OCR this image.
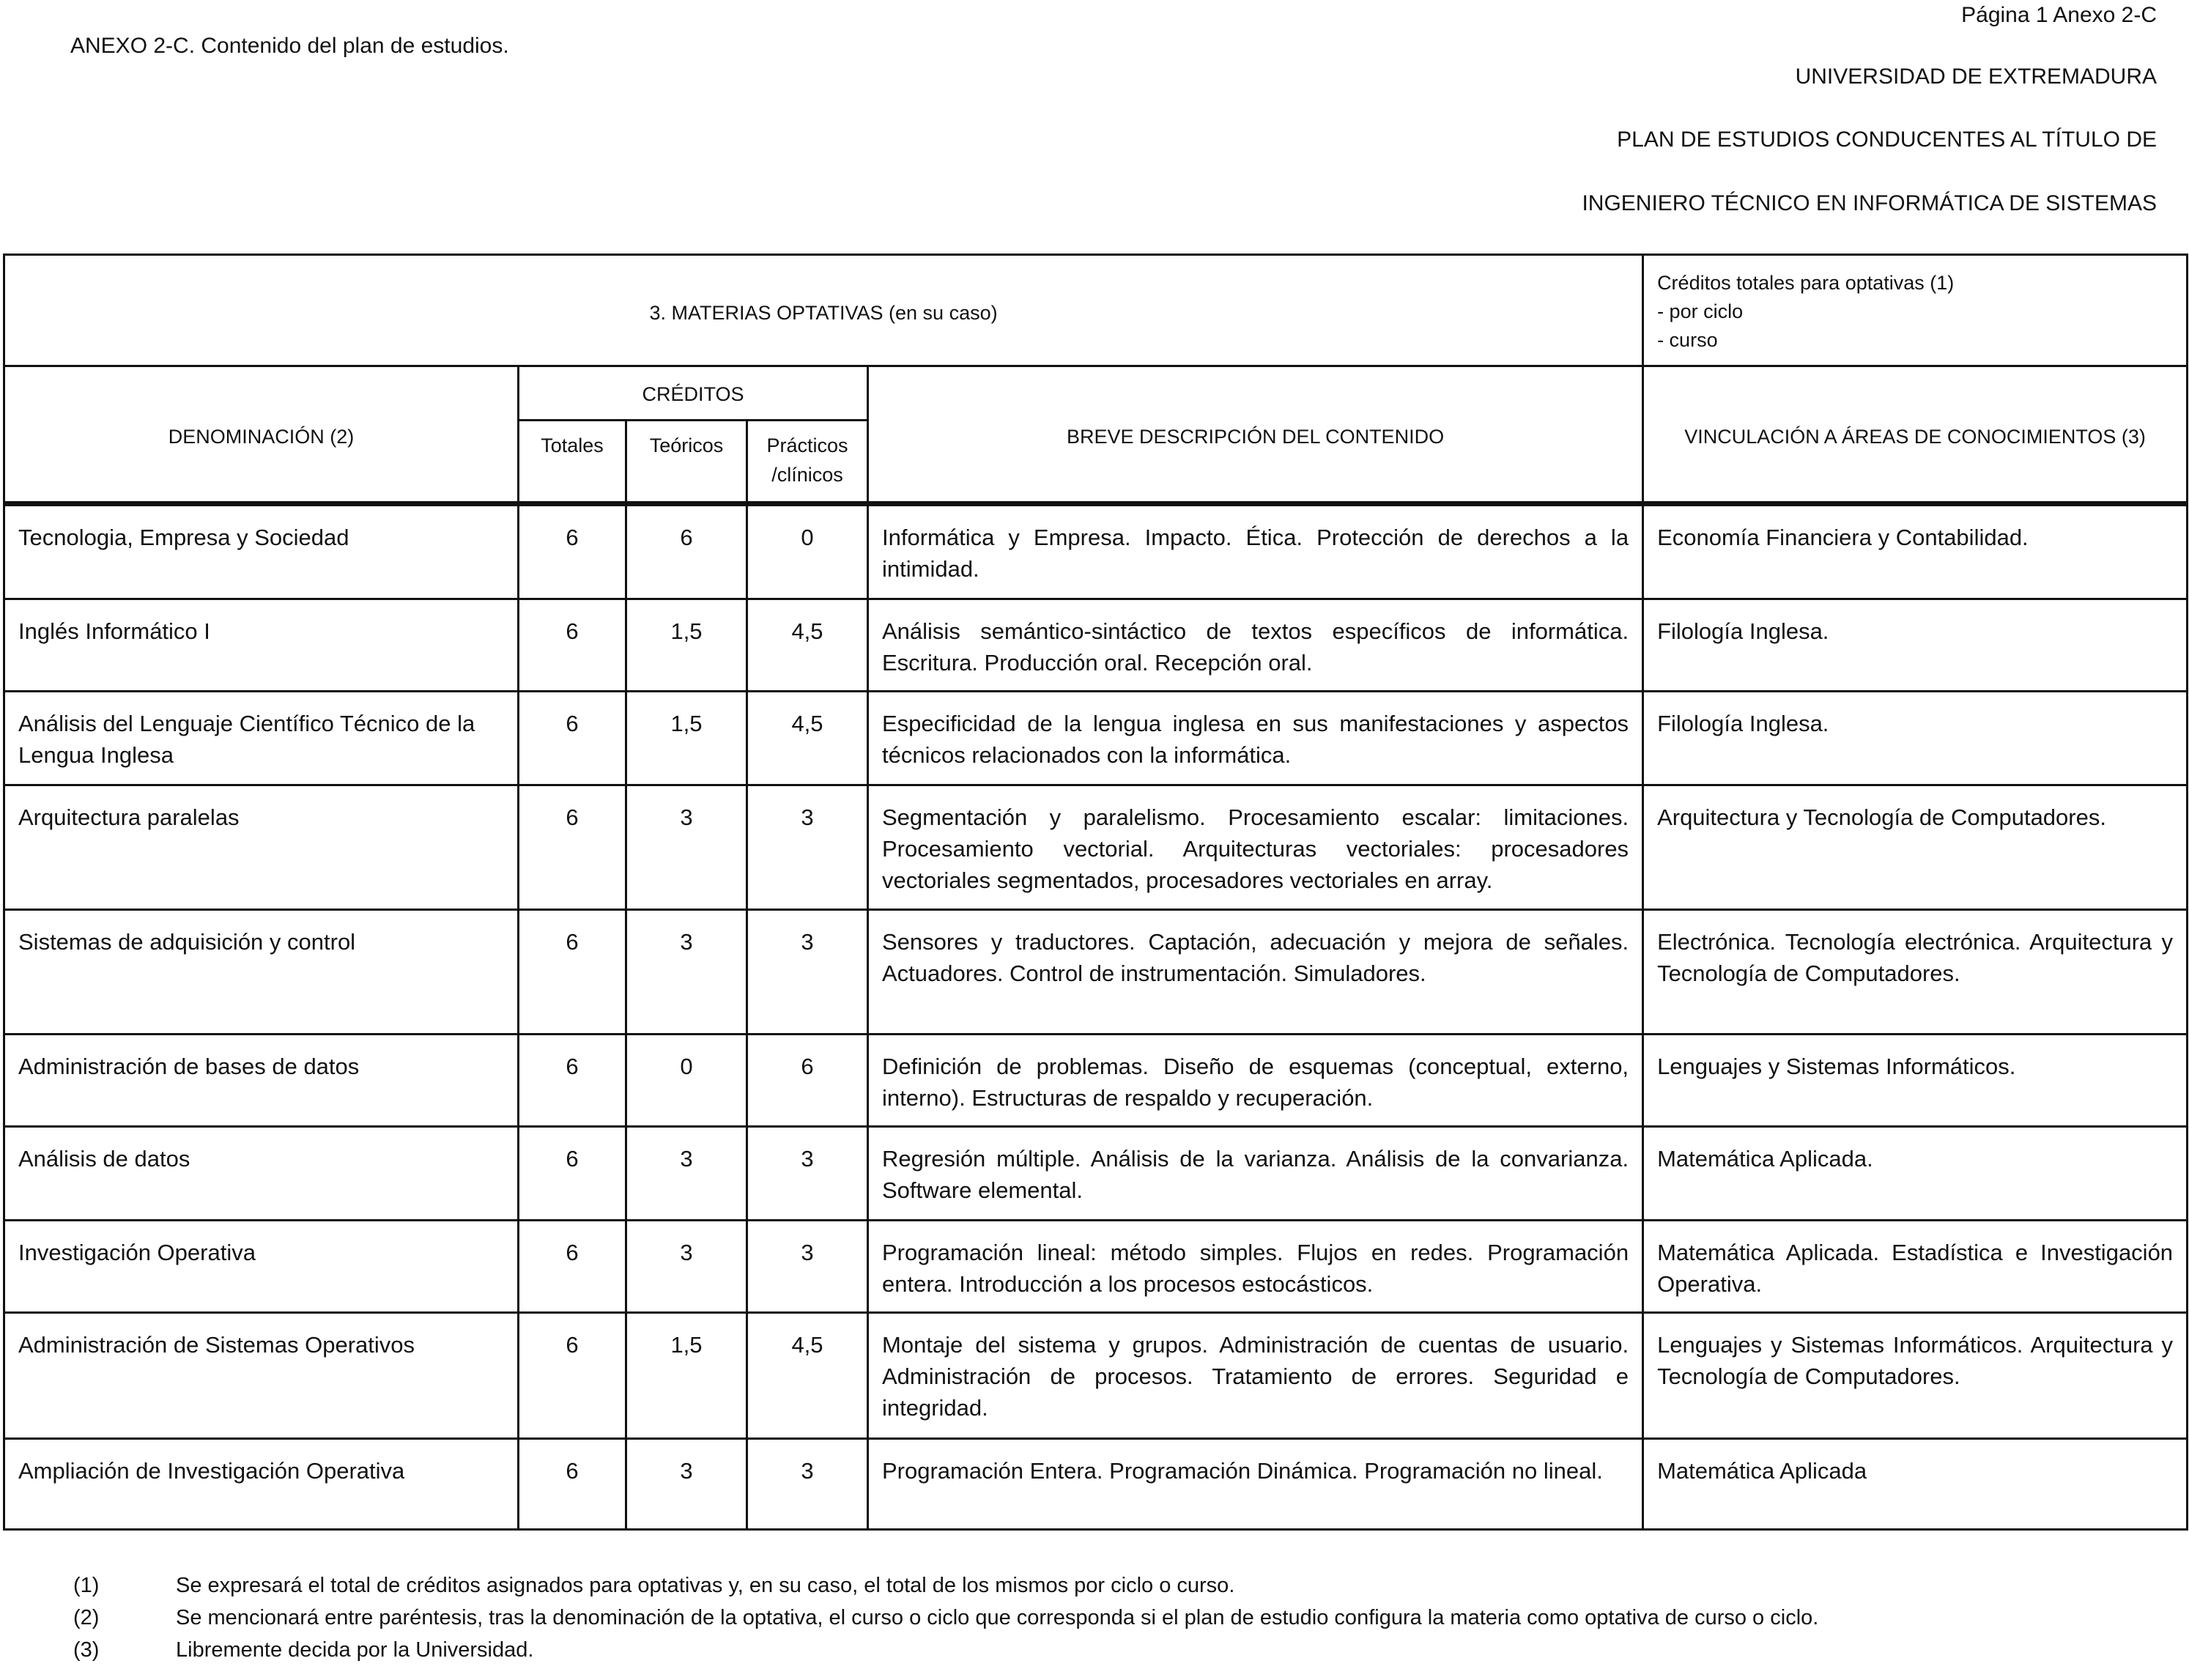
ANEXO 2-C. Contenido del plan de estudios.
Página 1 Anexo 2-C
UNIVERSIDAD DE EXTREMADURA
PLAN DE ESTUDIOS CONDUCENTES AL TÍTULO DE
INGENIERO TÉCNICO EN INFORMÁTICA DE SISTEMAS
3. MATERIAS OPTATIVAS (en su caso)					Créditos totales para optativas (1)
- por ciclo
- curso

DENOMINACIÓN (2)	CRÉDITOS			BREVE DESCRIPCIÓN DEL CONTENIDO	VINCULACIÓN A ÁREAS DE CONOCIMIENTOS (3)
	Totales	Teóricos	Prácticos /clínicos		
Tecnologia, Empresa y Sociedad	6	6	0	Informática y Empresa. Impacto. Ética. Protección de derechos a la intimidad.	Economía Financiera y Contabilidad.
Inglés Informático I	6	1,5	4,5	Análisis semántico-sintáctico de textos específicos de informática. Escritura. Producción oral. Recepción oral.	Filología Inglesa.
Análisis del Lenguaje Científico Técnico de la Lengua Inglesa	6	1,5	4,5	Especificidad de la lengua inglesa en sus manifestaciones y aspectos técnicos relacionados con la informática.	Filología Inglesa.
Arquitectura paralelas	6	3	3	Segmentación y paralelismo. Procesamiento escalar: limitaciones. Procesamiento vectorial. Arquitecturas vectoriales: procesadores vectoriales segmentados, procesadores vectoriales en array.	Arquitectura y Tecnología de Computadores.
Sistemas de adquisición y control	6	3	3	Sensores y traductores. Captación, adecuación y mejora de señales. Actuadores. Control de instrumentación. Simuladores.	Electrónica. Tecnología electrónica. Arquitectura y Tecnología de Computadores.
Administración de bases de datos	6	0	6	Definición de problemas. Diseño de esquemas (conceptual, externo, interno). Estructuras de respaldo y recuperación.	Lenguajes y Sistemas Informáticos.
Análisis de datos	6	3	3	Regresión múltiple. Análisis de la varianza. Análisis de la convarianza. Software elemental.	Matemática Aplicada.
Investigación Operativa	6	3	3	Programación lineal: método simples. Flujos en redes. Programación entera. Introducción a los procesos estocásticos.	Matemática Aplicada. Estadística e Investigación Operativa.
Administración de Sistemas Operativos	6	1,5	4,5	Montaje del sistema y grupos. Administración de cuentas de usuario. Administración de procesos. Tratamiento de errores. Seguridad e integridad.	Lenguajes y Sistemas Informáticos. Arquitectura y Tecnología de Computadores.
Ampliación de Investigación Operativa	6	3	3	Programación Entera. Programación Dinámica. Programación no lineal.	Matemática Aplicada
(1)	Se expresará el total de créditos asignados para optativas y, en su caso, el total de los mismos por ciclo o curso.
(2)	Se mencionará entre paréntesis, tras la denominación de la optativa, el curso o ciclo que corresponda si el plan de estudio configura la materia como optativa de curso o ciclo.
(3)	Libremente decida por la Universidad.
